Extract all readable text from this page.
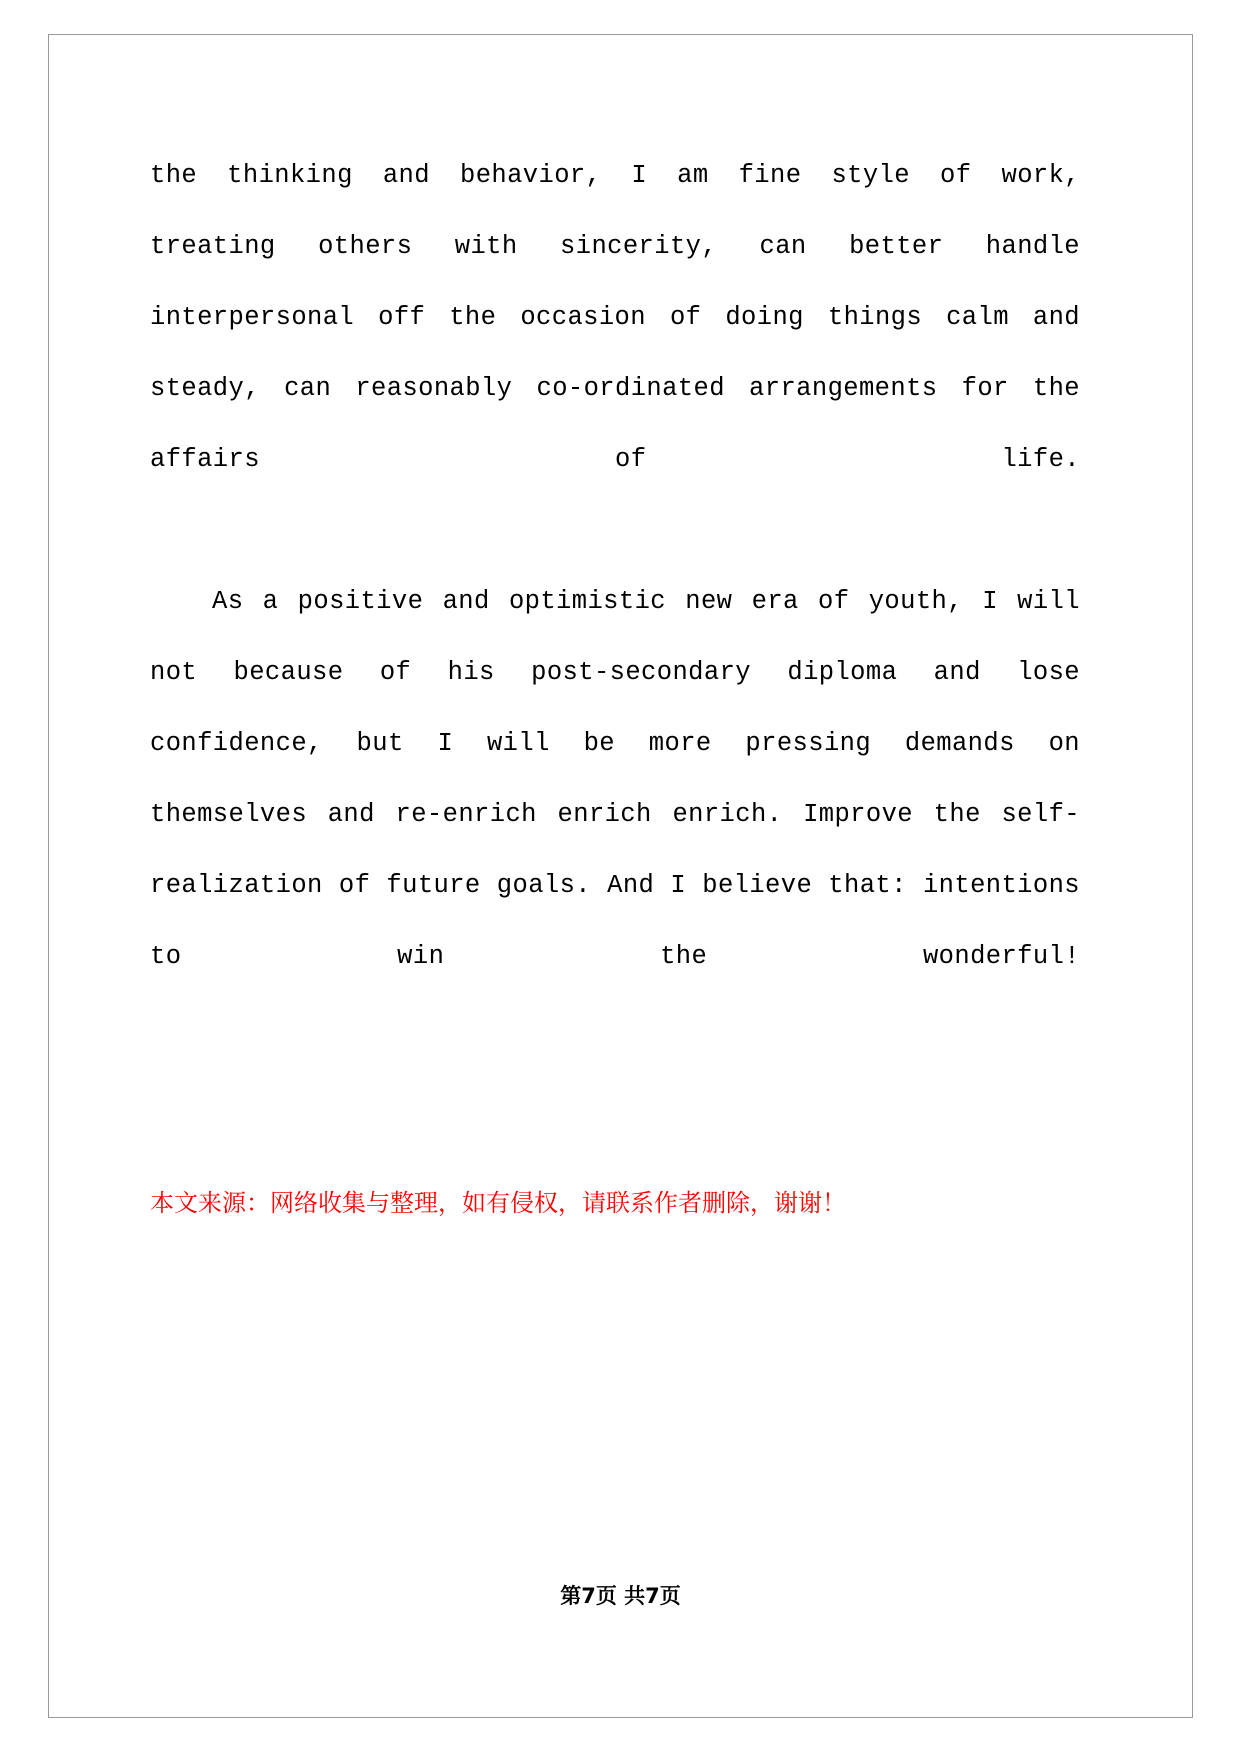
the thinking and behavior, I am fine style of work, treating others with sincerity, can better handle interpersonal off the occasion of doing things calm and steady, can reasonably co-ordinated arrangements for the affairs of life.

As a positive and optimistic new era of youth, I will not because of his post-secondary diploma and lose confidence, but I will be more pressing demands on themselves and re-enrich enrich enrich. Improve the self-realization of future goals. And I believe that: intentions to win the wonderful!

本文来源：网络收集与整理，如有侵权，请联系作者删除，谢谢！

第7页 共7页
